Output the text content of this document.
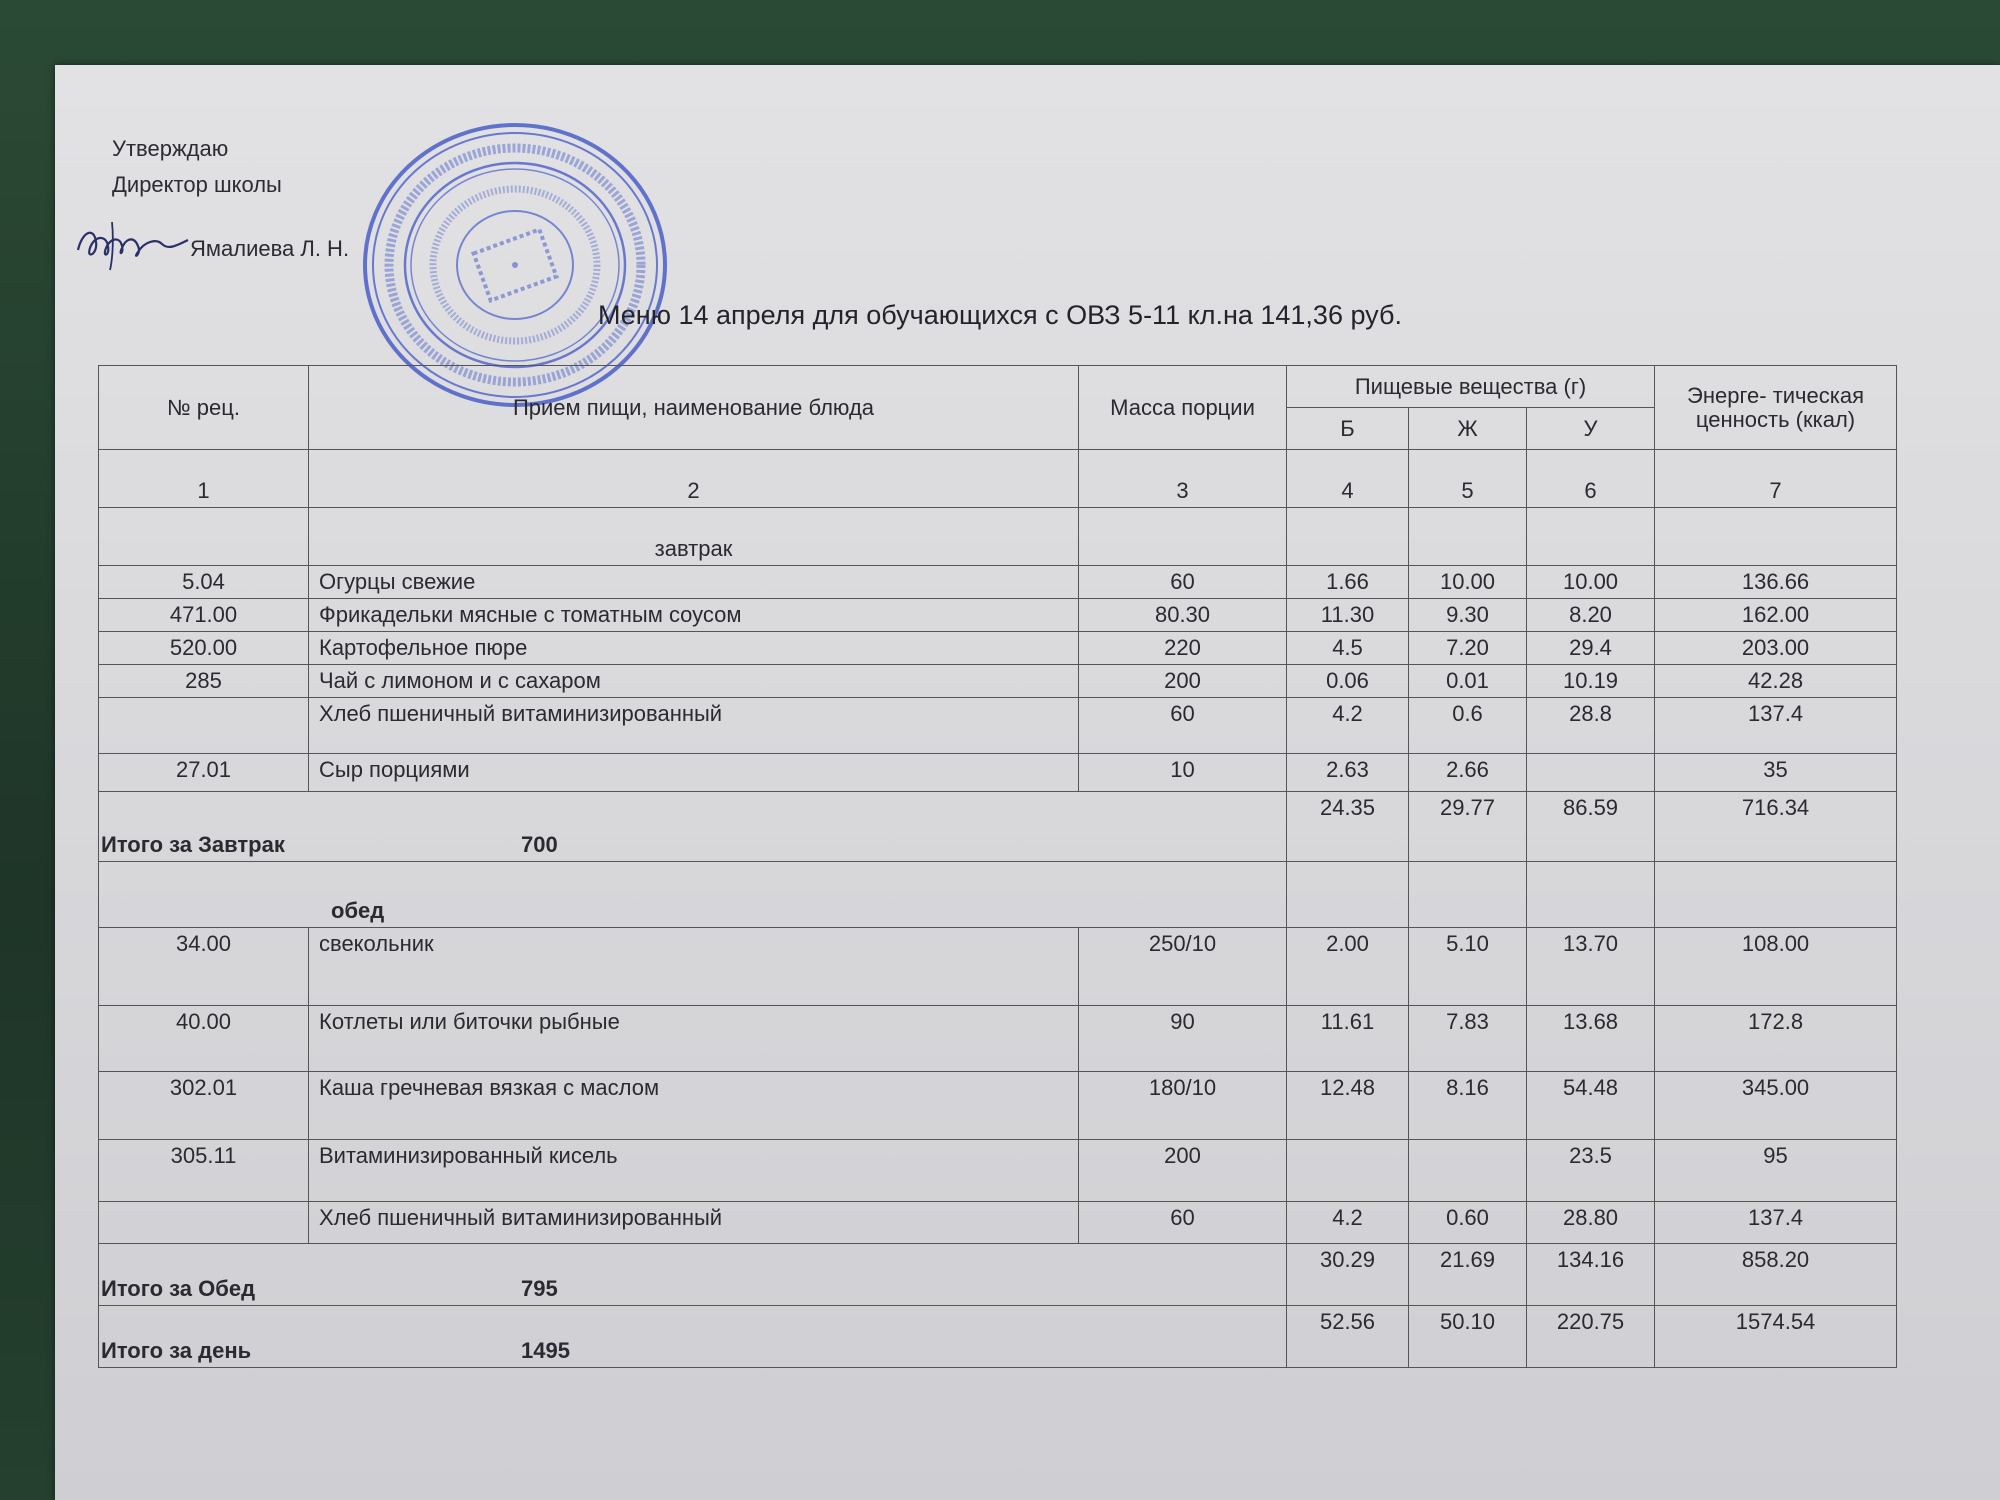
Утверждаю
Директор школы
Ямалиева Л. Н.
Меню 14 апреля для обучающихся с ОВЗ 5-11 кл.на 141,36 руб.
№ рец.	Прием пищи, наименование блюда	Масса порции	Пищевые вещества (г)			Энерге- тическая ценность (ккал)
			Б	Ж	У	
1	2	3	4	5	6	7
	завтрак					
5.04	Огурцы свежие	60	1.66	10.00	10.00	136.66
471.00	Фрикадельки мясные с томатным соусом	80.30	11.30	9.30	8.20	162.00
520.00	Картофельное пюре	220	4.5	7.20	29.4	203.00
285	Чай с лимоном и с сахаром	200	0.06	0.01	10.19	42.28
	Хлеб пшеничный витаминизированный	60	4.2	0.6	28.8	137.4
27.01	Сыр порциями	10	2.63	2.66		35
Итого за Завтрак 700			24.35	29.77	86.59	716.34
обед						
34.00	свекольник	250/10	2.00	5.10	13.70	108.00
40.00	Котлеты или биточки рыбные	90	11.61	7.83	13.68	172.8
302.01	Каша гречневая вязкая с маслом	180/10	12.48	8.16	54.48	345.00
305.11	Витаминизированный кисель	200			23.5	95
	Хлеб пшеничный витаминизированный	60	4.2	0.60	28.80	137.4
Итого за Обед 795			30.29	21.69	134.16	858.20
Итого за день 1495			52.56	50.10	220.75	1574.54
